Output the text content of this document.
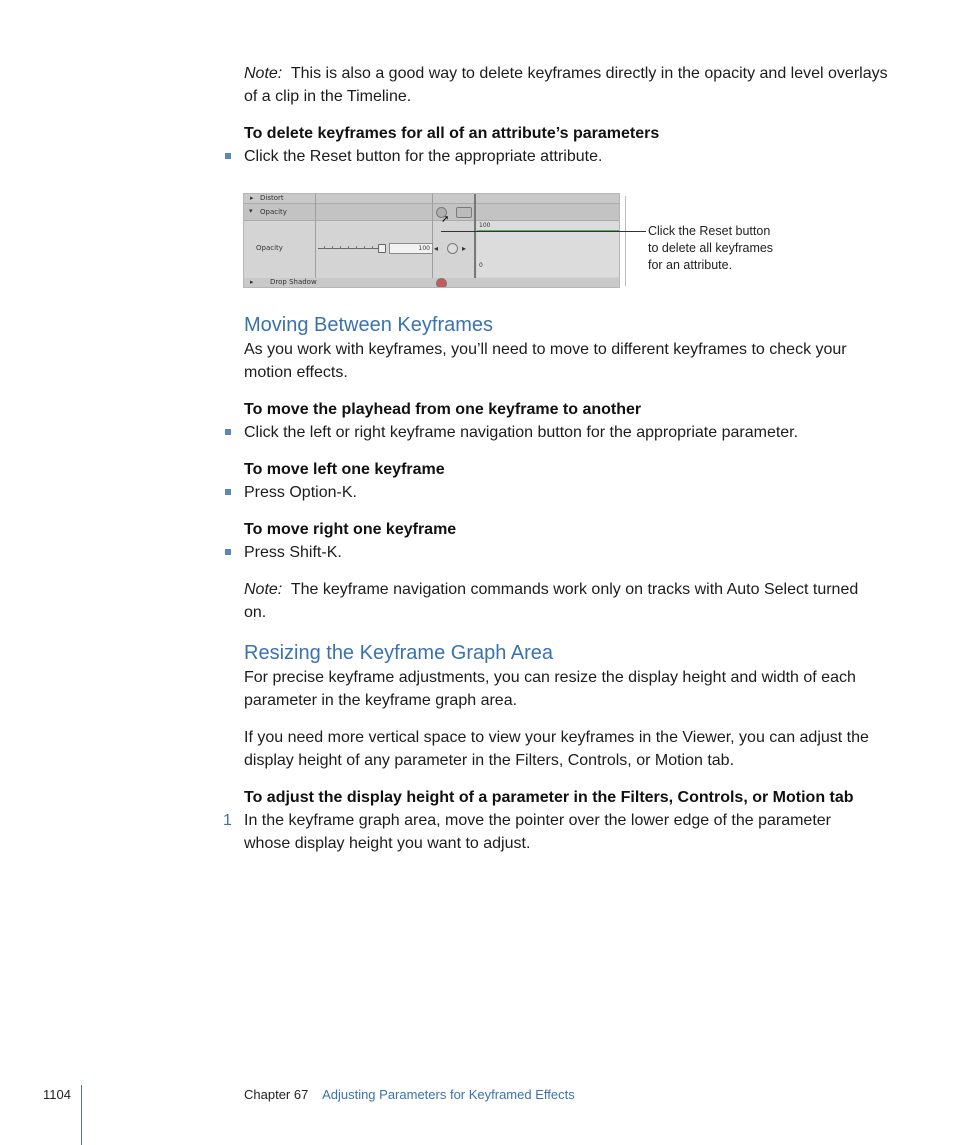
Note: This is also a good way to delete keyframes directly in the opacity and level overlays
of a clip in the Timeline.
To delete keyframes for all of an attribute’s parameters
Click the Reset button for the appropriate attribute.
▸ Distort
▾ Opacity
Opacity	100
➚
◂	▸
100
0
▸ Drop Shadow
Click the Reset button
to delete all keyframes
for an attribute.
Moving Between Keyframes
As you work with keyframes, you’ll need to move to different keyframes to check your
motion effects.
To move the playhead from one keyframe to another
Click the left or right keyframe navigation button for the appropriate parameter.
To move left one keyframe
Press Option-K.
To move right one keyframe
Press Shift-K.
Note: The keyframe navigation commands work only on tracks with Auto Select turned
on.
Resizing the Keyframe Graph Area
For precise keyframe adjustments, you can resize the display height and width of each
parameter in the keyframe graph area.
If you need more vertical space to view your keyframes in the Viewer, you can adjust the
display height of any parameter in the Filters, Controls, or Motion tab.
To adjust the display height of a parameter in the Filters, Controls, or Motion tab
1 In the keyframe graph area, move the pointer over the lower edge of the parameter
whose display height you want to adjust.
1104	Chapter 67 Adjusting Parameters for Keyframed Effects
